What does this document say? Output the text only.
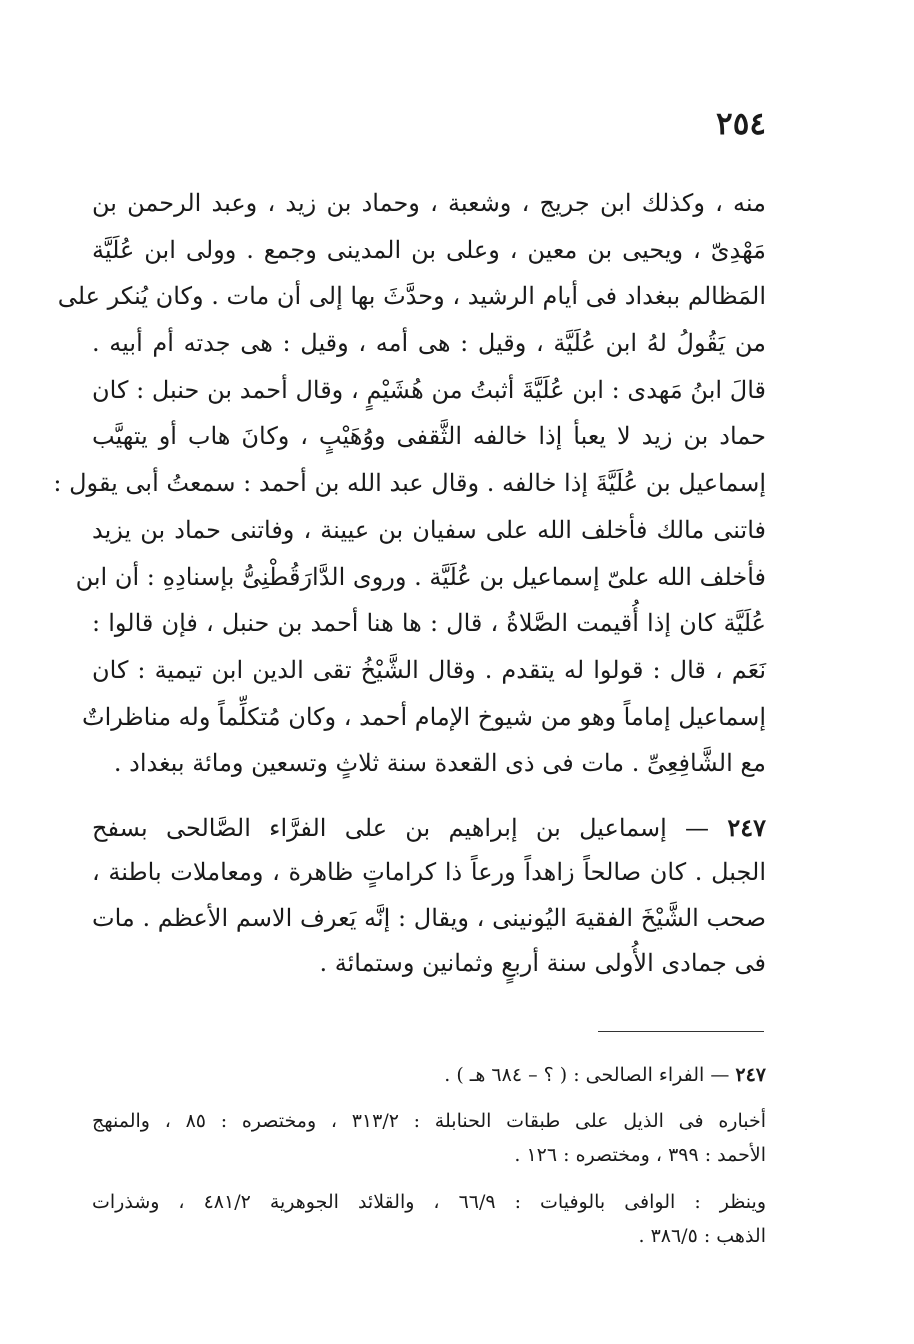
٢٥٤
منه ، وكذلك ابن جريج ، وشعبة ، وحماد بن زيد ، وعبد الرحمن بن
مَهْدِىّ ، ويحيى بن معين ، وعلى بن المدينى وجمع . وولى ابن عُلَيَّة
المَظالم ببغداد فى أيام الرشيد ، وحدَّثَ بها إلى أن مات . وكان يُنكر على
من يَقُولُ لهُ ابن عُلَيَّة ، وقيل : هى أمه ، وقيل : هى جدته أم أبيه .
قالَ ابنُ مَهدى : ابن عُلَيَّةَ أثبتُ من هُشَيْمٍ ، وقال أحمد بن حنبل : كان
حماد بن زيد لا يعبأ إذا خالفه الثَّقفى ووُهَيْبٍ ، وكانَ هاب أو يتهيَّب
إسماعيل بن عُلَيَّةَ إذا خالفه . وقال عبد الله بن أحمد : سمعتُ أبى يقول :
فاتنى مالك فأخلف الله على سفيان بن عيينة ، وفاتنى حماد بن يزيد
فأخلف الله علىّ إسماعيل بن عُلَيَّة . وروى الدَّارَقُطْنِىُّ بإسنادِهِ : أن ابن
عُلَيَّة كان إذا أُقيمت الصَّلاةُ ، قال : ها هنا أحمد بن حنبل ، فإن قالوا :
نَعَم ، قال : قولوا له يتقدم . وقال الشَّيْخُ تقى الدين ابن تيمية : كان
إسماعيل إماماً وهو من شيوخ الإمام أحمد ، وكان مُتكلِّماً وله مناظراتٌ
مع الشَّافِعِىِّ . مات فى ذى القعدة سنة ثلاثٍ وتسعين ومائة ببغداد .
٢٤٧ — إسماعيل بن إبراهيم بن على الفرَّاء الصَّالحى بسفح
الجبل . كان صالحاً زاهداً ورعاً ذا كراماتٍ ظاهرة ، ومعاملات باطنة ،
صحب الشَّيْخَ الفقيهَ اليُونينى ، ويقال : إنَّه يَعرف الاسم الأعظم . مات
فى جمادى الأُولى سنة أربعٍ وثمانين وستمائة .
٢٤٧ — الفراء الصالحى : ( ؟ – ٦٨٤ هـ ) .
أخباره فى الذيل على طبقات الحنابلة : ٣١٣/٢ ، ومختصره : ٨٥ ، والمنهج
الأحمد : ٣٩٩ ، ومختصره : ١٢٦ .
وينظر : الوافى بالوفيات : ٦٦/٩ ، والقلائد الجوهرية ٤٨١/٢ ، وشذرات
الذهب : ٣٨٦/٥ .
